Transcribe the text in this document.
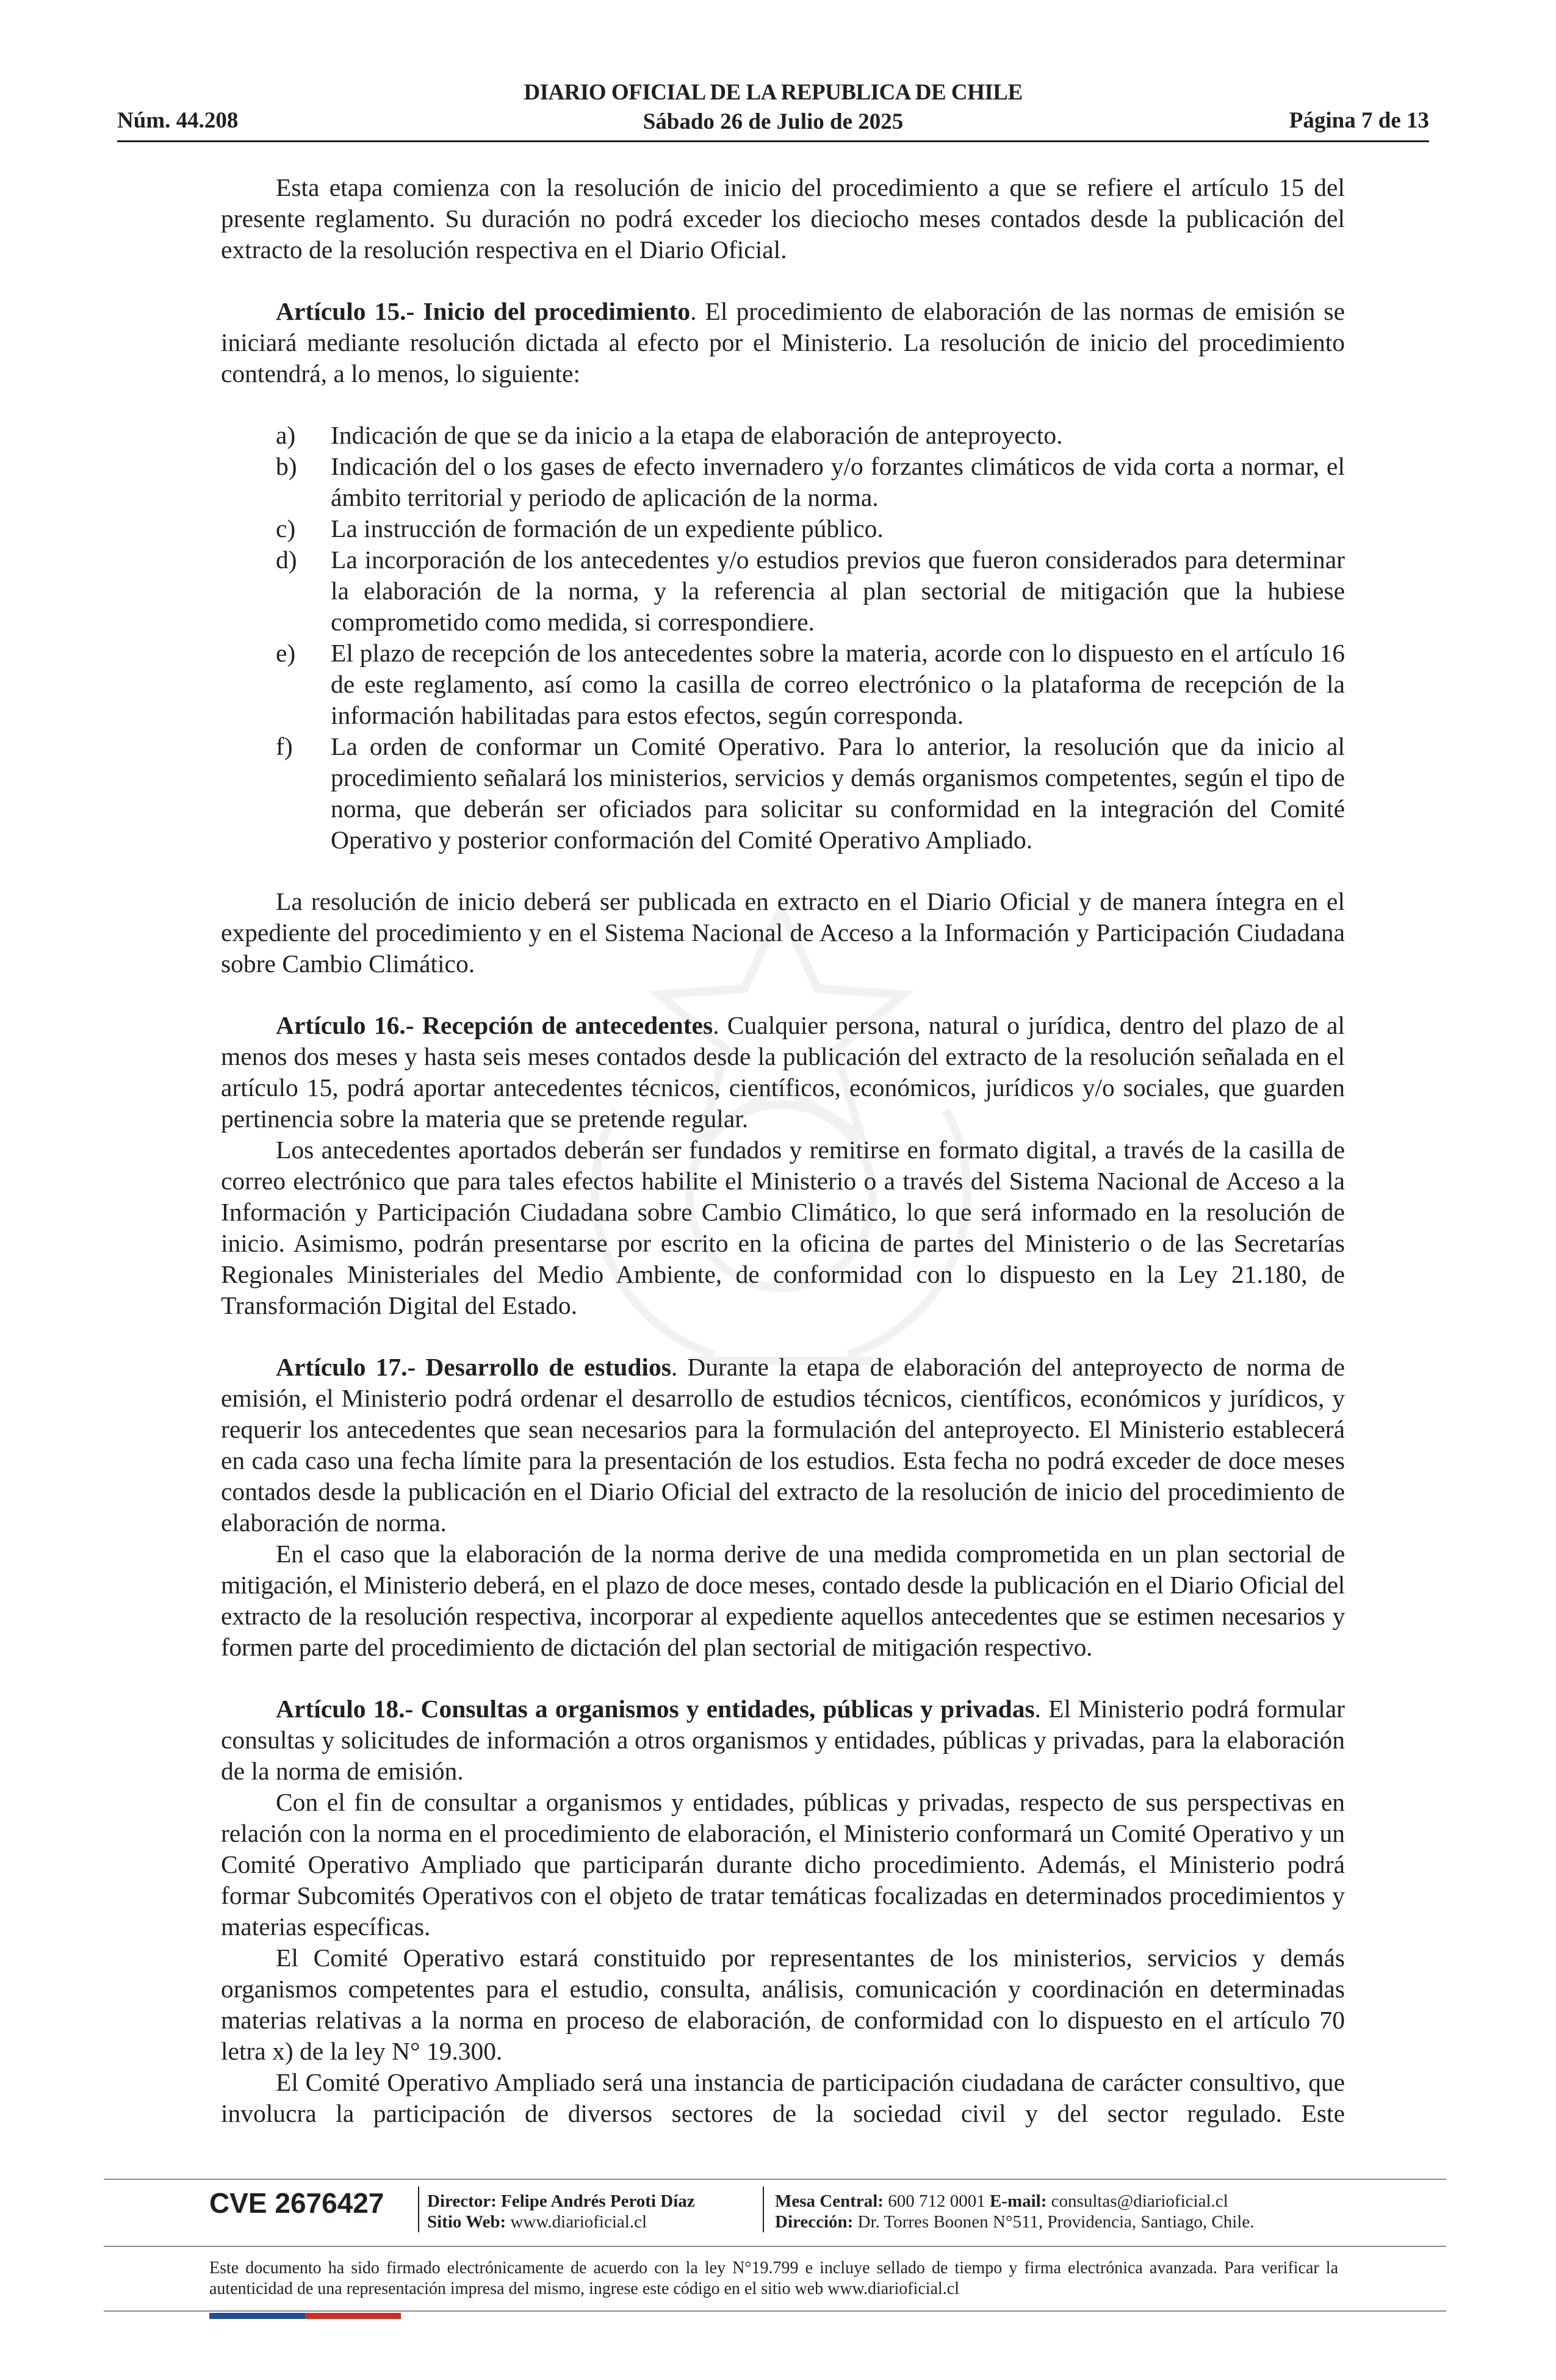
Núm. 44.208
DIARIO OFICIAL DE LA REPUBLICA DE CHILE
Sábado 26 de Julio de 2025	Página 7 de 13

Esta etapa comienza con la resolución de inicio del procedimiento a que se refiere el artículo 15 del presente reglamento. Su duración no podrá exceder los dieciocho meses contados desde la publicación del extracto de la resolución respectiva en el Diario Oficial.

Artículo 15.- Inicio del procedimiento. El procedimiento de elaboración de las normas de emisión se iniciará mediante resolución dictada al efecto por el Ministerio. La resolución de inicio del procedimiento contendrá, a lo menos, lo siguiente:

a) Indicación de que se da inicio a la etapa de elaboración de anteproyecto.
b) Indicación del o los gases de efecto invernadero y/o forzantes climáticos de vida corta a normar, el ámbito territorial y periodo de aplicación de la norma.
c) La instrucción de formación de un expediente público.
d) La incorporación de los antecedentes y/o estudios previos que fueron considerados para determinar la elaboración de la norma, y la referencia al plan sectorial de mitigación que la hubiese comprometido como medida, si correspondiere.
e) El plazo de recepción de los antecedentes sobre la materia, acorde con lo dispuesto en el artículo 16 de este reglamento, así como la casilla de correo electrónico o la plataforma de recepción de la información habilitadas para estos efectos, según corresponda.
f) La orden de conformar un Comité Operativo. Para lo anterior, la resolución que da inicio al procedimiento señalará los ministerios, servicios y demás organismos competentes, según el tipo de norma, que deberán ser oficiados para solicitar su conformidad en la integración del Comité Operativo y posterior conformación del Comité Operativo Ampliado.

La resolución de inicio deberá ser publicada en extracto en el Diario Oficial y de manera íntegra en el expediente del procedimiento y en el Sistema Nacional de Acceso a la Información y Participación Ciudadana sobre Cambio Climático.

Artículo 16.- Recepción de antecedentes. Cualquier persona, natural o jurídica, dentro del plazo de al menos dos meses y hasta seis meses contados desde la publicación del extracto de la resolución señalada en el artículo 15, podrá aportar antecedentes técnicos, científicos, económicos, jurídicos y/o sociales, que guarden pertinencia sobre la materia que se pretende regular.

Los antecedentes aportados deberán ser fundados y remitirse en formato digital, a través de la casilla de correo electrónico que para tales efectos habilite el Ministerio o a través del Sistema Nacional de Acceso a la Información y Participación Ciudadana sobre Cambio Climático, lo que será informado en la resolución de inicio. Asimismo, podrán presentarse por escrito en la oficina de partes del Ministerio o de las Secretarías Regionales Ministeriales del Medio Ambiente, de conformidad con lo dispuesto en la Ley 21.180, de Transformación Digital del Estado.

Artículo 17.- Desarrollo de estudios. Durante la etapa de elaboración del anteproyecto de norma de emisión, el Ministerio podrá ordenar el desarrollo de estudios técnicos, científicos, económicos y jurídicos, y requerir los antecedentes que sean necesarios para la formulación del anteproyecto. El Ministerio establecerá en cada caso una fecha límite para la presentación de los estudios. Esta fecha no podrá exceder de doce meses contados desde la publicación en el Diario Oficial del extracto de la resolución de inicio del procedimiento de elaboración de norma.

En el caso que la elaboración de la norma derive de una medida comprometida en un plan sectorial de mitigación, el Ministerio deberá, en el plazo de doce meses, contado desde la publicación en el Diario Oficial del extracto de la resolución respectiva, incorporar al expediente aquellos antecedentes que se estimen necesarios y formen parte del procedimiento de dictación del plan sectorial de mitigación respectivo.

Artículo 18.- Consultas a organismos y entidades, públicas y privadas. El Ministerio podrá formular consultas y solicitudes de información a otros organismos y entidades, públicas y privadas, para la elaboración de la norma de emisión.

Con el fin de consultar a organismos y entidades, públicas y privadas, respecto de sus perspectivas en relación con la norma en el procedimiento de elaboración, el Ministerio conformará un Comité Operativo y un Comité Operativo Ampliado que participarán durante dicho procedimiento. Además, el Ministerio podrá formar Subcomités Operativos con el objeto de tratar temáticas focalizadas en determinados procedimientos y materias específicas.

El Comité Operativo estará constituido por representantes de los ministerios, servicios y demás organismos competentes para el estudio, consulta, análisis, comunicación y coordinación en determinadas materias relativas a la norma en proceso de elaboración, de conformidad con lo dispuesto en el artículo 70 letra x) de la ley N° 19.300.

El Comité Operativo Ampliado será una instancia de participación ciudadana de carácter consultivo, que involucra la participación de diversos sectores de la sociedad civil y del sector regulado. Este

CVE 2676427 Director: Felipe Andrés Peroti Díaz
Sitio Web: www.diarioficial.cl
Mesa Central: 600 712 0001 E-mail: consultas@diarioficial.cl
Dirección: Dr. Torres Boonen N°511, Providencia, Santiago, Chile.
Este documento ha sido firmado electrónicamente de acuerdo con la ley N°19.799 e incluye sellado de tiempo y firma electrónica avanzada. Para verificar la autenticidad de una representación impresa del mismo, ingrese este código en el sitio web www.diarioficial.cl
